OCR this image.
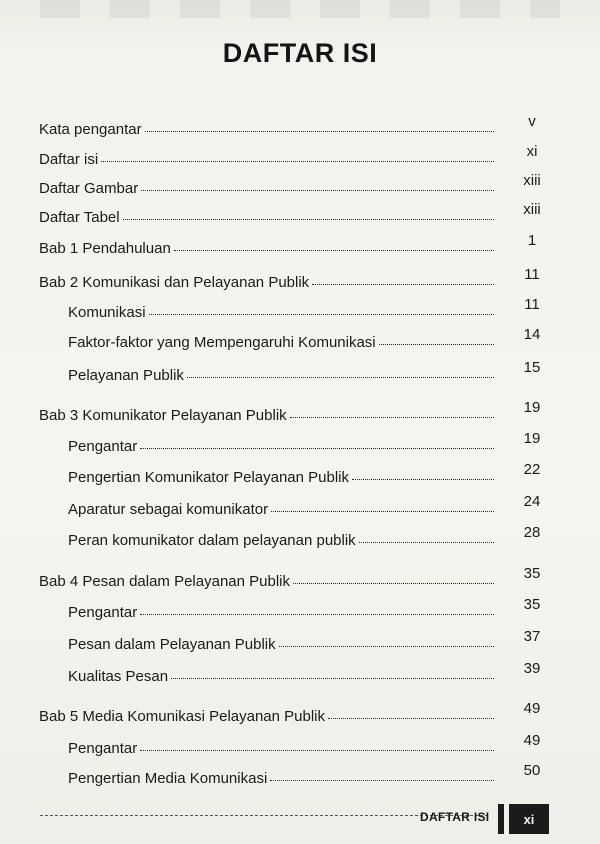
DAFTAR ISI
Kata pengantar	v
Daftar isi	xi
Daftar Gambar	xiii
Daftar Tabel	xiii
Bab 1 Pendahuluan	1
Bab 2 Komunikasi dan Pelayanan Publik	11
Komunikasi	11
Faktor-faktor yang Mempengaruhi Komunikasi	14
Pelayanan Publik	15
Bab 3 Komunikator Pelayanan Publik	19
Pengantar	19
Pengertian Komunikator Pelayanan Publik	22
Aparatur sebagai komunikator	24
Peran komunikator dalam pelayanan publik	28
Bab 4 Pesan dalam Pelayanan Publik	35
Pengantar	35
Pesan dalam Pelayanan Publik	37
Kualitas Pesan	39
Bab 5 Media Komunikasi Pelayanan Publik	49
Pengantar	49
Pengertian Media Komunikasi	50
DAFTAR ISI	xi
